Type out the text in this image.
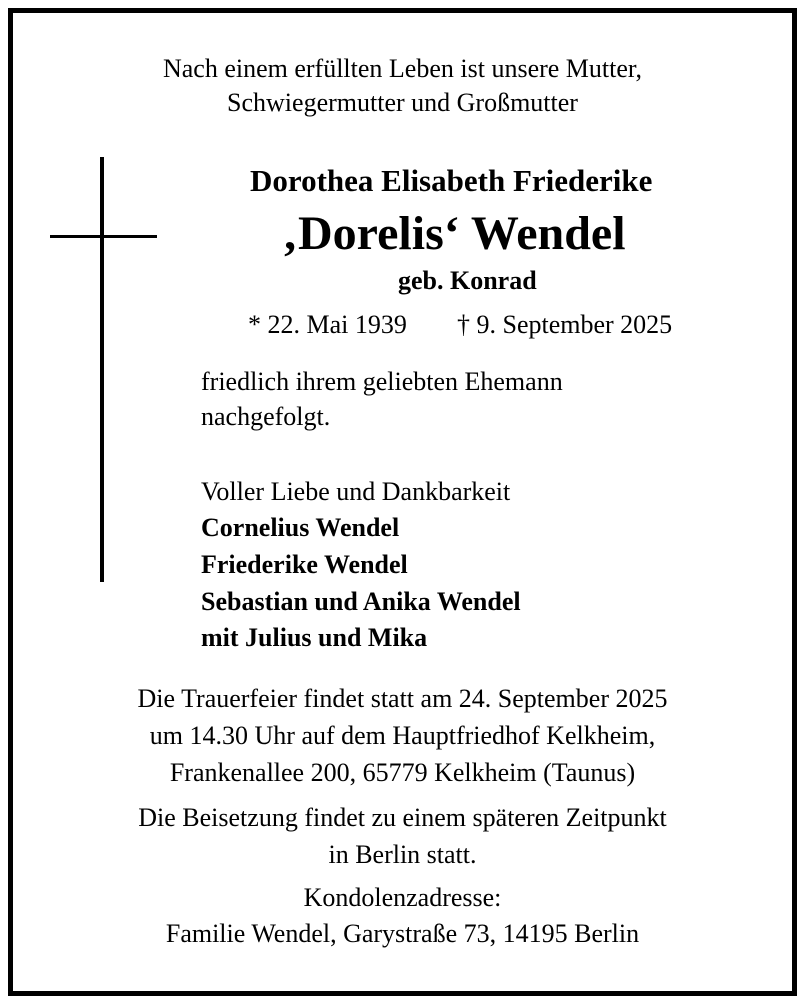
Nach einem erfüllten Leben ist unsere Mutter,
Schwiegermutter und Großmutter
Dorothea Elisabeth Friederike
‚Dorelis‘ Wendel
geb. Konrad
* 22. Mai 1939 † 9. September 2025
friedlich ihrem geliebten Ehemann
nachgefolgt.
Voller Liebe und Dankbarkeit
Cornelius Wendel
Friederike Wendel
Sebastian und Anika Wendel
mit Julius und Mika
Die Trauerfeier findet statt am 24. September 2025
um 14.30 Uhr auf dem Hauptfriedhof Kelkheim,
Frankenallee 200, 65779 Kelkheim (Taunus)
Die Beisetzung findet zu einem späteren Zeitpunkt
in Berlin statt.
Kondolenzadresse:
Familie Wendel, Garystraße 73, 14195 Berlin
